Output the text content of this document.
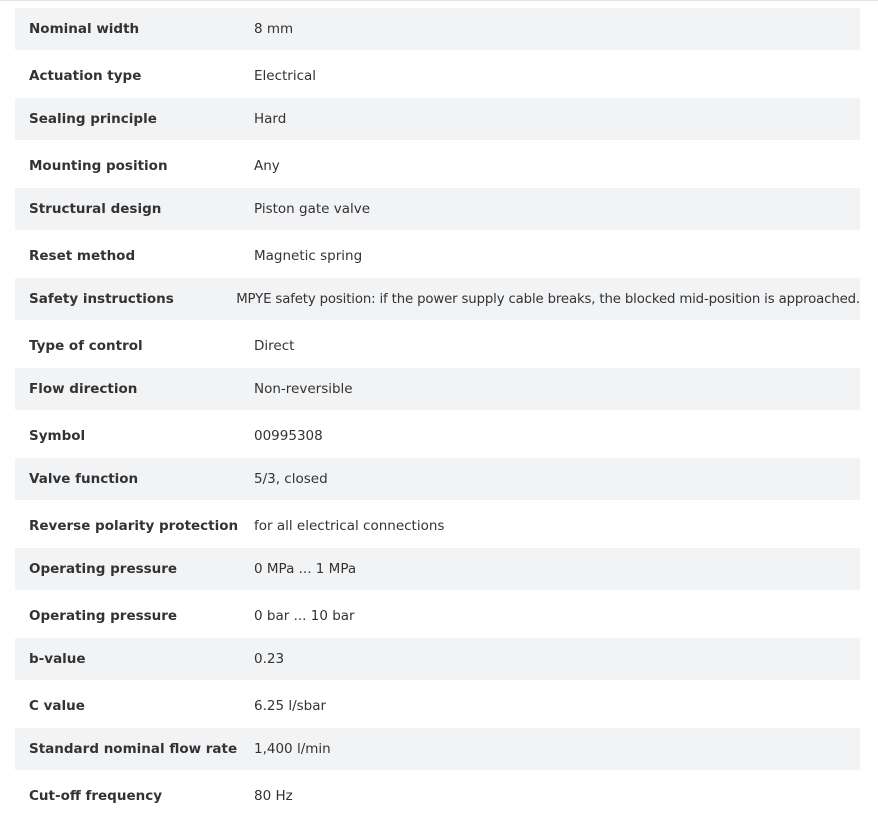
Nominal width	8 mm
Actuation type	Electrical
Sealing principle	Hard
Mounting position	Any
Structural design	Piston gate valve
Reset method	Magnetic spring
Safety instructions	MPYE safety position: if the power supply cable breaks, the blocked mid-position is approached.
Type of control	Direct
Flow direction	Non-reversible
Symbol	00995308
Valve function	5/3, closed
Reverse polarity protection	for all electrical connections
Operating pressure	0 MPa ... 1 MPa
Operating pressure	0 bar ... 10 bar
b-value	0.23
C value	6.25 l/sbar
Standard nominal flow rate	1,400 l/min
Cut-off frequency	80 Hz
